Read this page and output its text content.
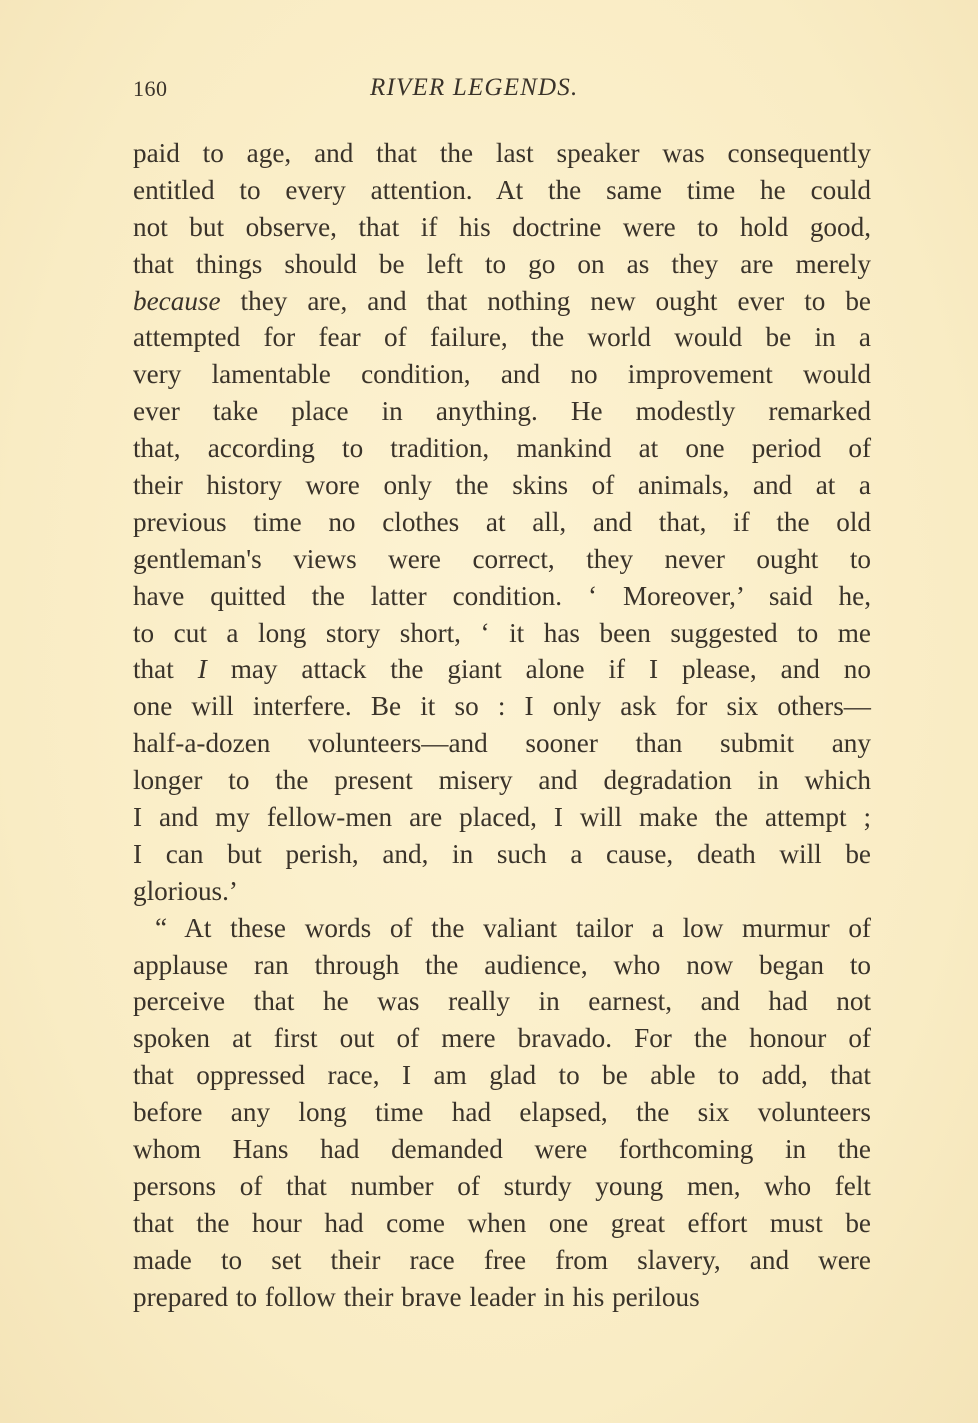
160	RIVER LEGENDS.
paid to age, and that the last speaker was consequently
entitled to every attention. At the same time he could
not but observe, that if his doctrine were to hold good,
that things should be left to go on as they are merely
because they are, and that nothing new ought ever to be
attempted for fear of failure, the world would be in a
very lamentable condition, and no improvement would
ever take place in anything. He modestly remarked
that, according to tradition, mankind at one period of
their history wore only the skins of animals, and at a
previous time no clothes at all, and that, if the old
gentleman's views were correct, they never ought to
have quitted the latter condition. ‘ Moreover,’ said he,
to cut a long story short, ‘ it has been suggested to me
that I may attack the giant alone if I please, and no
one will interfere. Be it so : I only ask for six others—
half-a-dozen volunteers—and sooner than submit any
longer to the present misery and degradation in which
I and my fellow-men are placed, I will make the attempt ;
I can but perish, and, in such a cause, death will be
glorious.’
“ At these words of the valiant tailor a low murmur of
applause ran through the audience, who now began to
perceive that he was really in earnest, and had not
spoken at first out of mere bravado. For the honour of
that oppressed race, I am glad to be able to add, that
before any long time had elapsed, the six volunteers
whom Hans had demanded were forthcoming in the
persons of that number of sturdy young men, who felt
that the hour had come when one great effort must be
made to set their race free from slavery, and were
prepared to follow their brave leader in his perilous
